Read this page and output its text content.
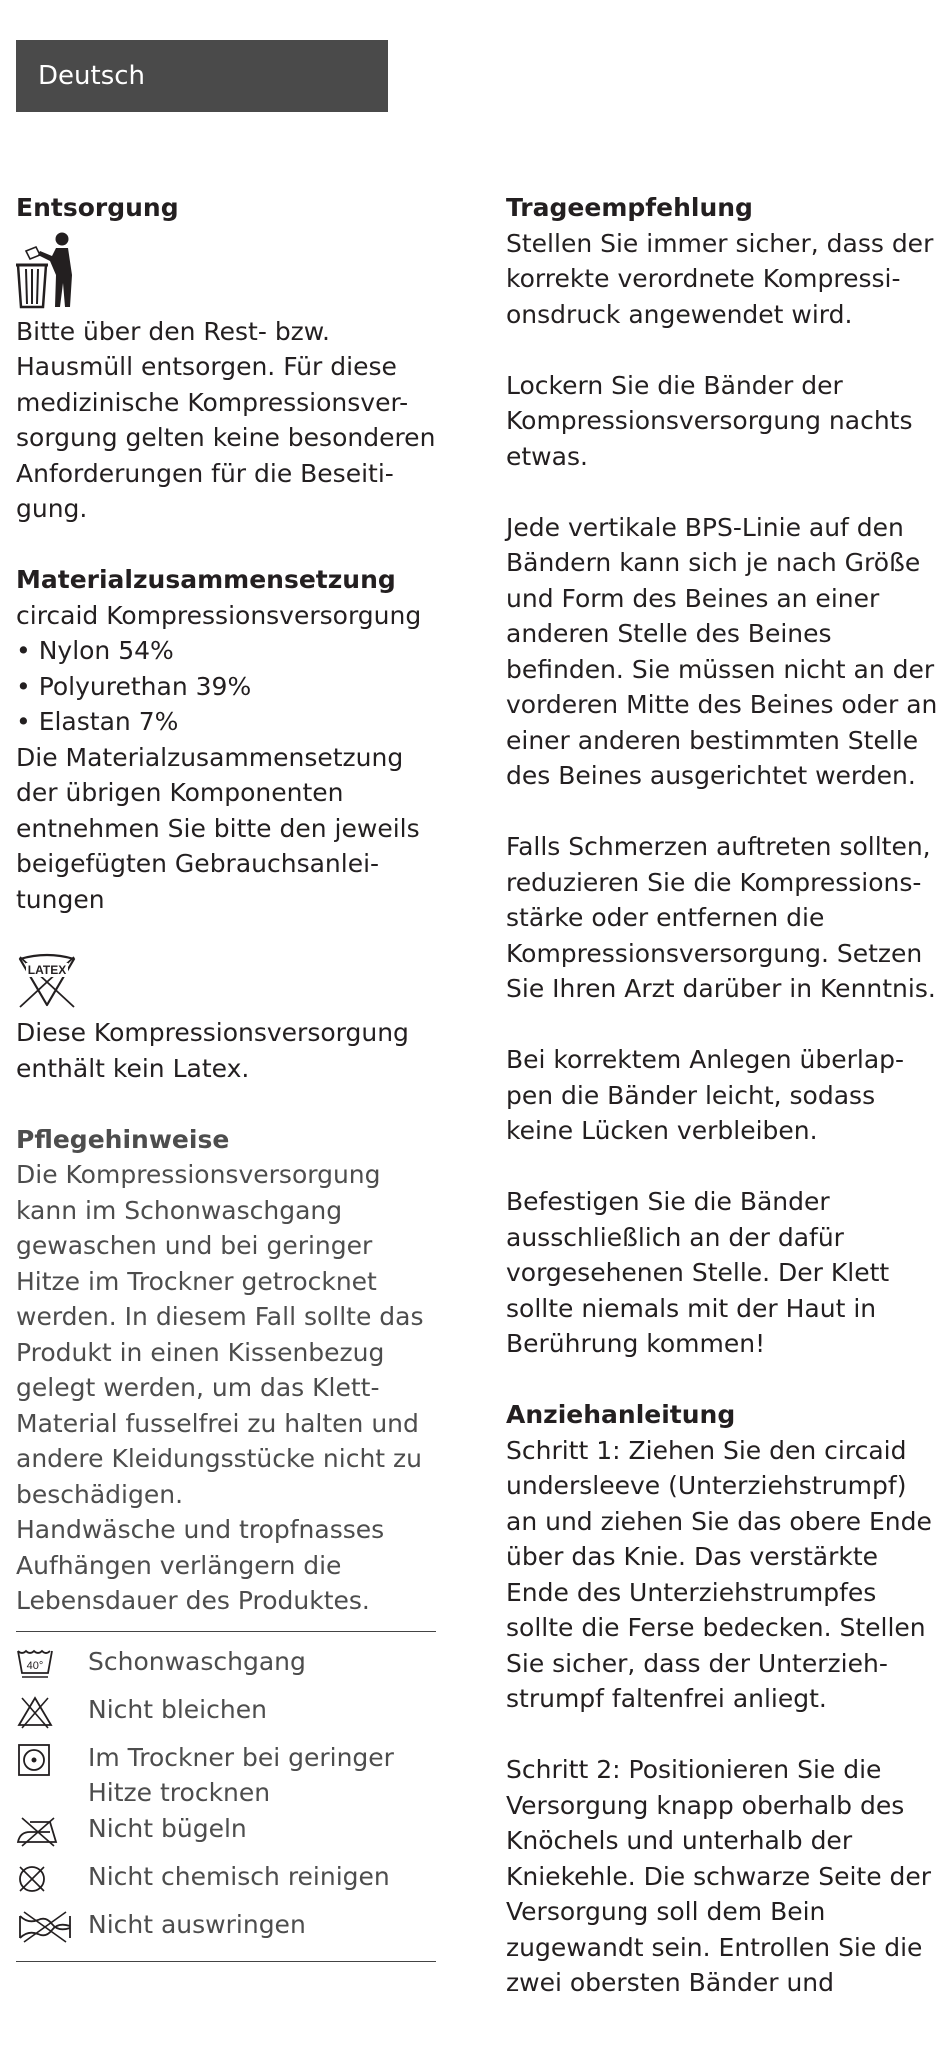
Deutsch
Entsorgung
Bitte über den Rest- bzw.
Hausmüll entsorgen. Für diese
medizinische Kompressionsver-
sorgung gelten keine besonderen
Anforderungen für die Beseiti-
gung.
Materialzusammensetzung
circaid Kompressionsversorgung
• Nylon 54%
• Polyurethan 39%
• Elastan 7%
Die Materialzusammensetzung
der übrigen Komponenten
entnehmen Sie bitte den jeweils
beigefügten Gebrauchsanlei-
tungen
LATEX
Diese Kompressionsversorgung
enthält kein Latex.
Pflegehinweise
Die Kompressionsversorgung
kann im Schonwaschgang
gewaschen und bei geringer
Hitze im Trockner getrocknet
werden. In diesem Fall sollte das
Produkt in einen Kissenbezug
gelegt werden, um das Klett-
Material fusselfrei zu halten und
andere Kleidungsstücke nicht zu
beschädigen.
Handwäsche und tropfnasses
Aufhängen verlängern die
Lebensdauer des Produktes.
40° Schonwaschgang
Nicht bleichen
Im Trockner bei geringer
Hitze trocknen
Nicht bügeln
Nicht chemisch reinigen
Nicht auswringen
Trageempfehlung
Stellen Sie immer sicher, dass der
korrekte verordnete Kompressi-
onsdruck angewendet wird.
Lockern Sie die Bänder der
Kompressionsversorgung nachts
etwas.
Jede vertikale BPS-Linie auf den
Bändern kann sich je nach Größe
und Form des Beines an einer
anderen Stelle des Beines
befinden. Sie müssen nicht an der
vorderen Mitte des Beines oder an
einer anderen bestimmten Stelle
des Beines ausgerichtet werden.
Falls Schmerzen auftreten sollten,
reduzieren Sie die Kompressions-
stärke oder entfernen die
Kompressionsversorgung. Setzen
Sie Ihren Arzt darüber in Kenntnis.
Bei korrektem Anlegen überlap-
pen die Bänder leicht, sodass
keine Lücken verbleiben.
Befestigen Sie die Bänder
ausschließlich an der dafür
vorgesehenen Stelle. Der Klett
sollte niemals mit der Haut in
Berührung kommen!
Anziehanleitung
Schritt 1: Ziehen Sie den circaid
undersleeve (Unterziehstrumpf)
an und ziehen Sie das obere Ende
über das Knie. Das verstärkte
Ende des Unterziehstrumpfes
sollte die Ferse bedecken. Stellen
Sie sicher, dass der Unterzieh-
strumpf faltenfrei anliegt.
Schritt 2: Positionieren Sie die
Versorgung knapp oberhalb des
Knöchels und unterhalb der
Kniekehle. Die schwarze Seite der
Versorgung soll dem Bein
zugewandt sein. Entrollen Sie die
zwei obersten Bänder und
